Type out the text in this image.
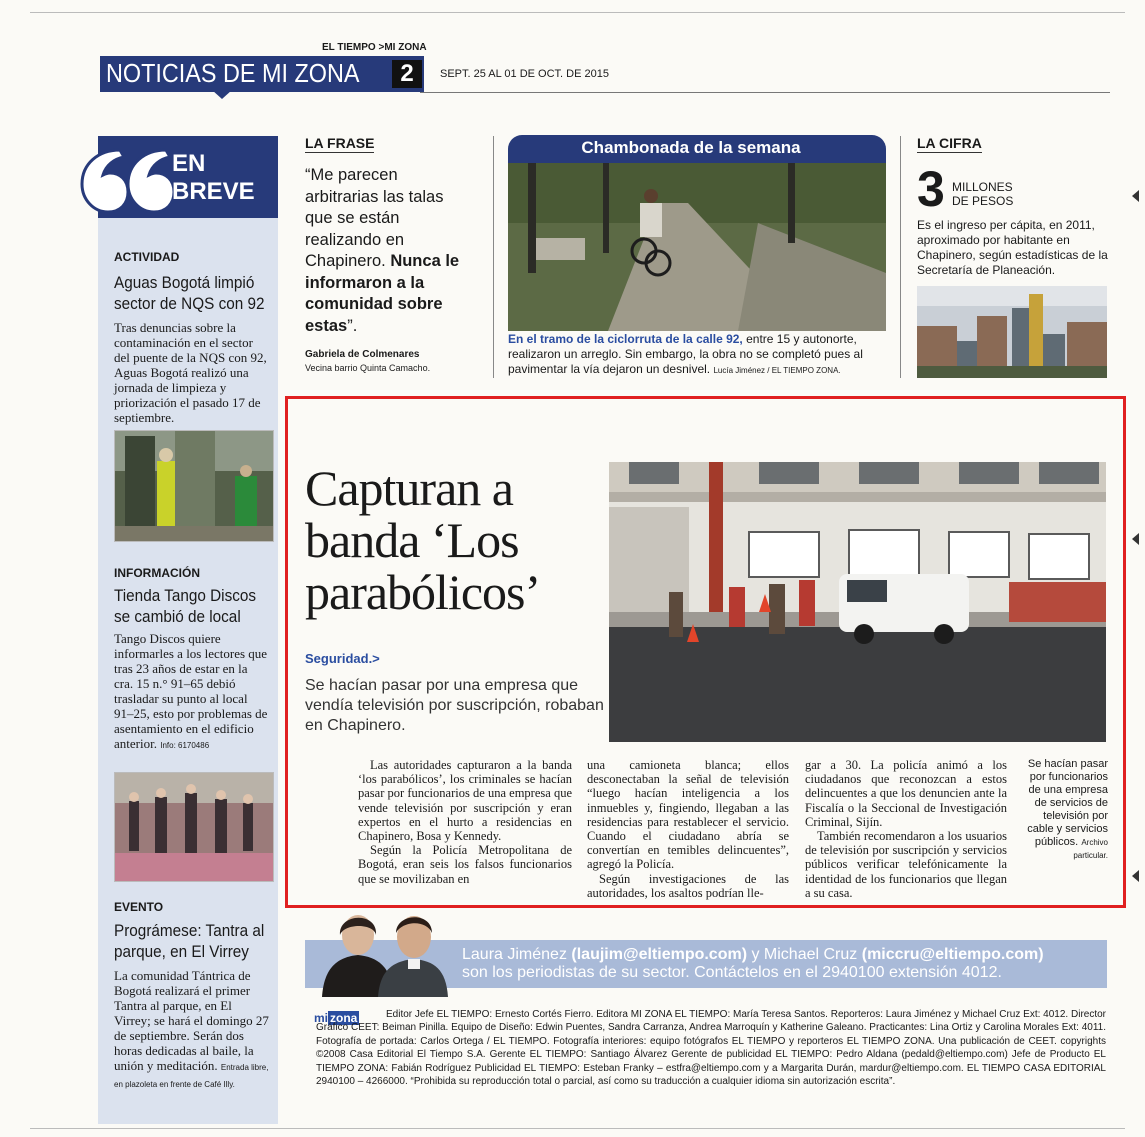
EL TIEMPO >MI ZONA
NOTICIAS DE MI ZONA	2	SEPT. 25 AL 01 DE OCT. DE 2015
EN
BREVE
ACTIVIDAD
Aguas Bogotá limpió sector de NQS con 92
Tras denuncias sobre la contaminación en el sector del puente de la NQS con 92, Aguas Bogotá realizó una jornada de limpieza y priorización el pasado 17 de septiembre.
INFORMACIÓN
Tienda Tango Discos se cambió de local
Tango Discos quiere informarles a los lectores que tras 23 años de estar en la cra. 15 n.° 91–65 debió trasladar su punto al local 91–25, esto por problemas de asentamiento en el edificio anterior. Info: 6170486
EVENTO
Prográmese: Tantra al parque, en El Virrey
La comunidad Tántrica de Bogotá realizará el primer Tantra al parque, en El Virrey; se hará el domingo 27 de septiembre. Serán dos horas dedicadas al baile, la unión y meditación. Entrada libre, en plazoleta en frente de Café Illy.
LA FRASE
“Me parecen arbitrarias las talas que se están realizando en Chapinero. Nunca le informaron a la comunidad sobre estas”.
Gabriela de Colmenares
Vecina barrio Quinta Camacho.
Chambonada de la semana
En el tramo de la ciclorruta de la calle 92, entre 15 y autonorte, realizaron un arreglo. Sin embargo, la obra no se completó pues al pavimentar la vía dejaron un desnivel. Lucía Jiménez / EL TIEMPO ZONA.
LA CIFRA
3 MILLONES
DE PESOS
Es el ingreso per cápita, en 2011, aproximado por habitante en Chapinero, según estadísticas de la Secretaría de Planeación.
Capturan a banda ‘Los parabólicos’
Seguridad.>
Se hacían pasar por una empresa que vendía televisión por suscripción, robaban en Chapinero.

Las autoridades capturaron a la banda ‘los parabólicos’, los criminales se hacían pasar por funcionarios de una empresa que vende televisión por suscripción y eran expertos en el hurto a residencias en Chapinero, Bosa y Kennedy.

Según la Policía Metropolitana de Bogotá, eran seis los falsos funcionarios que se movilizaban en

una camioneta blanca; ellos desconectaban la señal de televisión “luego hacían inteligencia a los inmuebles y, fingiendo, llegaban a las residencias para restablecer el servicio. Cuando el ciudadano abría se convertían en temibles delincuentes”, agregó la Policía.

Según investigaciones de las autoridades, los asaltos podrían lle-

gar a 30. La policía animó a los ciudadanos que reconozcan a estos delincuentes a que los denuncien ante la Fiscalía o la Seccional de Investigación Criminal, Sijín.

También recomendaron a los usuarios de televisión por suscripción y servicios públicos verificar telefónicamente la identidad de los funcionarios que llegan a su casa.

Se hacían pasar por funcionarios de una empresa de servicios de televisión por cable y servicios públicos. Archivo particular.
Laura Jiménez (laujim@eltiempo.com) y Michael Cruz (miccru@eltiempo.com)
son los periodistas de su sector. Contáctelos en el 2940100 extensión 4012.
mi zona	Editor Jefe EL TIEMPO: Ernesto Cortés Fierro. Editora MI ZONA EL TIEMPO: María Teresa Santos. Reporteros: Laura Jiménez y Michael Cruz Ext: 4012. Director Gráfico CEET: Beiman Pinilla. Equipo de Diseño: Edwin Puentes, Sandra Carranza, Andrea Marroquín y Katherine Galeano. Practicantes: Lina Ortiz y Carolina Morales Ext: 4011. Fotografía de portada: Carlos Ortega / EL TIEMPO. Fotografía interiores: equipo fotógrafos EL TIEMPO y reporteros EL TIEMPO ZONA. Una publicación de CEET. copyrights ©2008 Casa Editorial El Tiempo S.A. Gerente EL TIEMPO: Santiago Álvarez Gerente de publicidad EL TIEMPO: Pedro Aldana (pedald@eltiempo.com) Jefe de Producto EL TIEMPO ZONA: Fabián Rodríguez Publicidad EL TIEMPO: Esteban Franky – estfra@eltiempo.com y a Margarita Durán, mardur@eltiempo.com. EL TIEMPO CASA EDITORIAL 2940100 – 4266000. “Prohibida su reproducción total o parcial, así como su traducción a cualquier idioma sin autorización escrita”.
